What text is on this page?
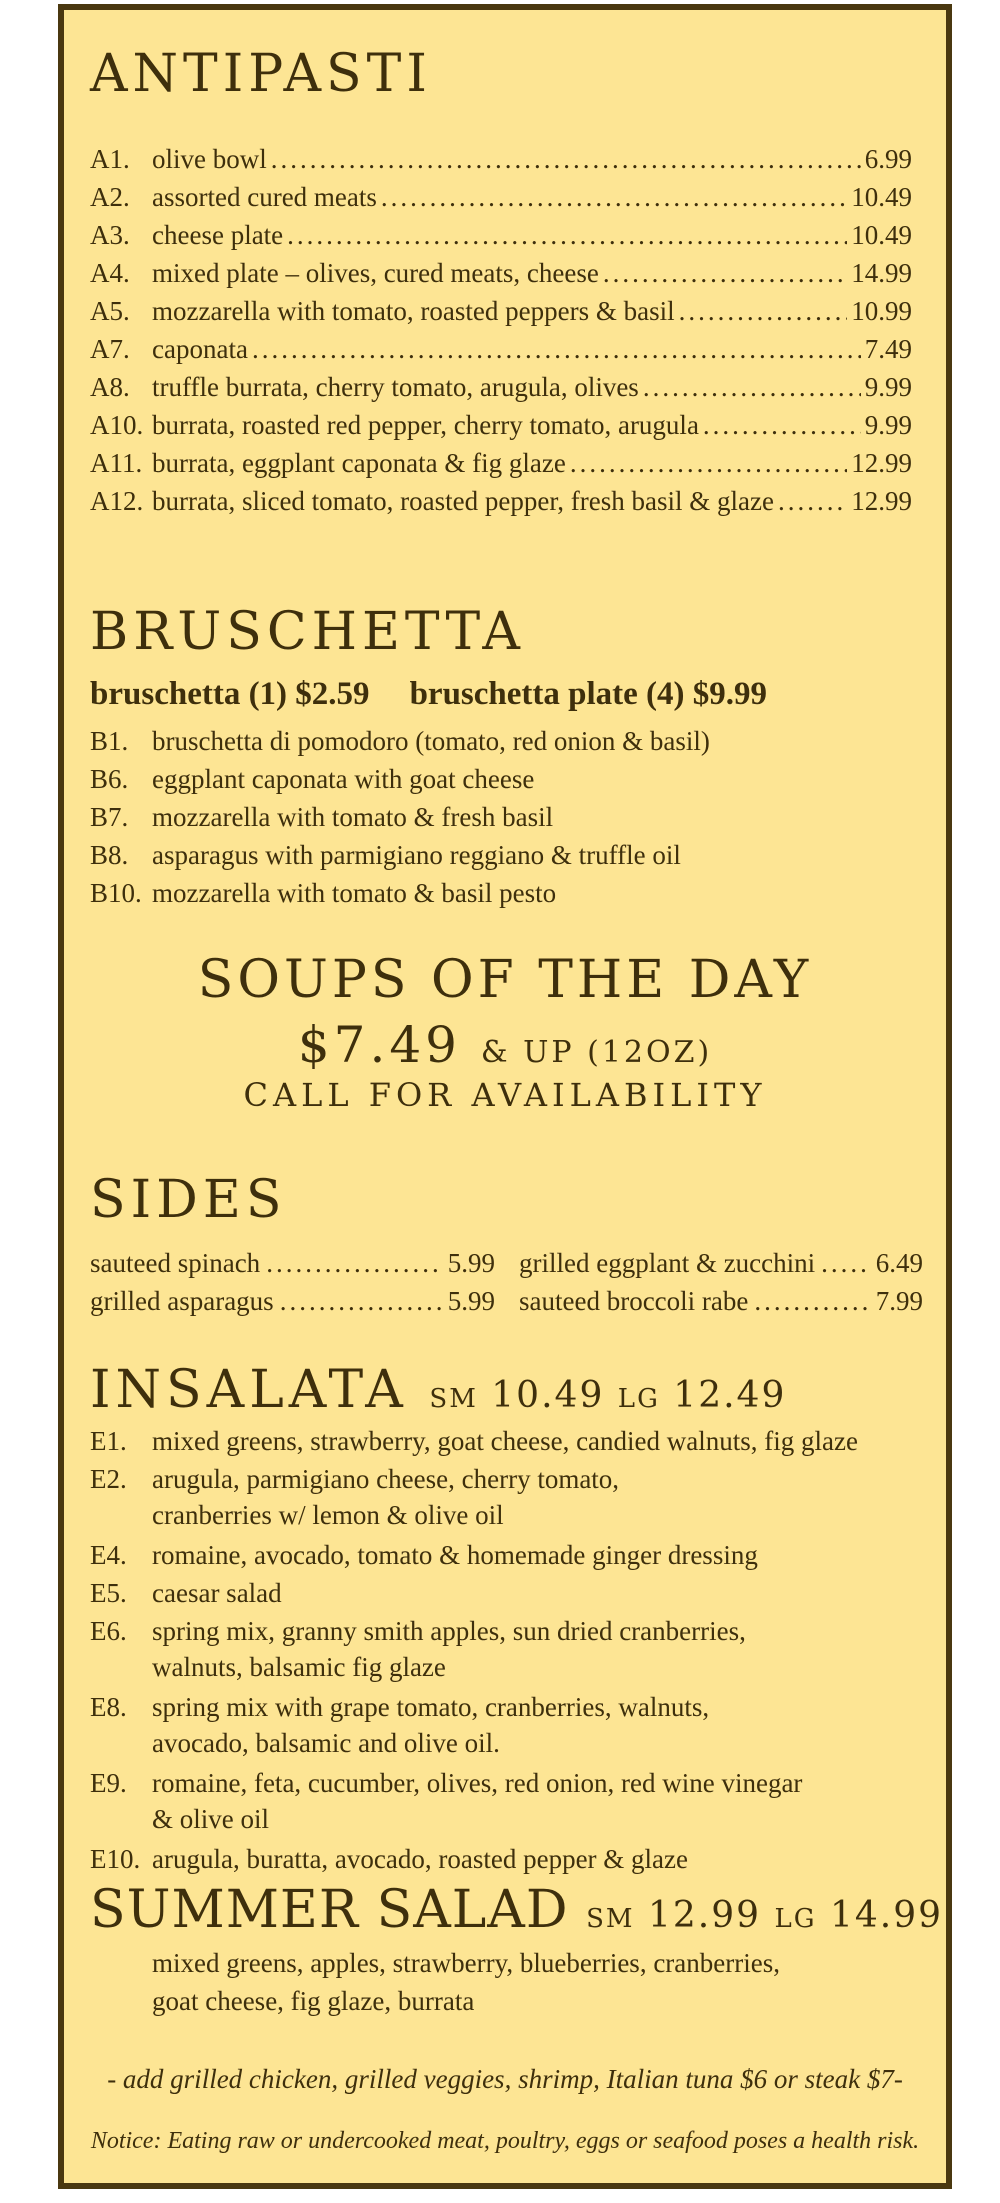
ANTIPASTI
A1. olive bowl .....	6.99
A2. assorted cured meats .....	10.49
A3. cheese plate .....	10.49
A4. mixed plate – olives, cured meats, cheese .....	14.99
A5. mozzarella with tomato, roasted peppers & basil .....	10.99
A7. caponata .....	7.49
A8. truffle burrata, cherry tomato, arugula, olives .....	9.99
A10. burrata, roasted red pepper, cherry tomato, arugula .....	9.99
A11. burrata, eggplant caponata & fig glaze .....	12.99
A12. burrata, sliced tomato, roasted pepper, fresh basil & glaze .....	12.99
BRUSCHETTA
bruschetta (1) $2.59 bruschetta plate (4) $9.99
B1. bruschetta di pomodoro (tomato, red onion & basil)
B6. eggplant caponata with goat cheese
B7. mozzarella with tomato & fresh basil
B8. asparagus with parmigiano reggiano & truffle oil
B10. mozzarella with tomato & basil pesto
SOUPS OF THE DAY
$7.49 & UP (12OZ)
CALL FOR AVAILABILITY
SIDES
sauteed spinach .....	5.99 grilled eggplant & zucchini ..... 6.49
grilled asparagus .....	5.99 sauteed broccoli rabe .....	7.99
INSALATA SM 10.49 LG 12.49
E1. mixed greens, strawberry, goat cheese, candied walnuts, fig glaze
E2. arugula, parmigiano cheese, cherry tomato,
cranberries w/ lemon & olive oil
E4. romaine, avocado, tomato & homemade ginger dressing
E5. caesar salad
E6. spring mix, granny smith apples, sun dried cranberries,
walnuts, balsamic fig glaze
E8. spring mix with grape tomato, cranberries, walnuts,
avocado, balsamic and olive oil.
E9. romaine, feta, cucumber, olives, red onion, red wine vinegar
& olive oil
E10. arugula, buratta, avocado, roasted pepper & glaze
SUMMER SALAD SM 12.99 LG 14.99
mixed greens, apples, strawberry, blueberries, cranberries,
goat cheese, fig glaze, burrata
- add grilled chicken, grilled veggies, shrimp, Italian tuna $6 or steak $7-
Notice: Eating raw or undercooked meat, poultry, eggs or seafood poses a health risk.
